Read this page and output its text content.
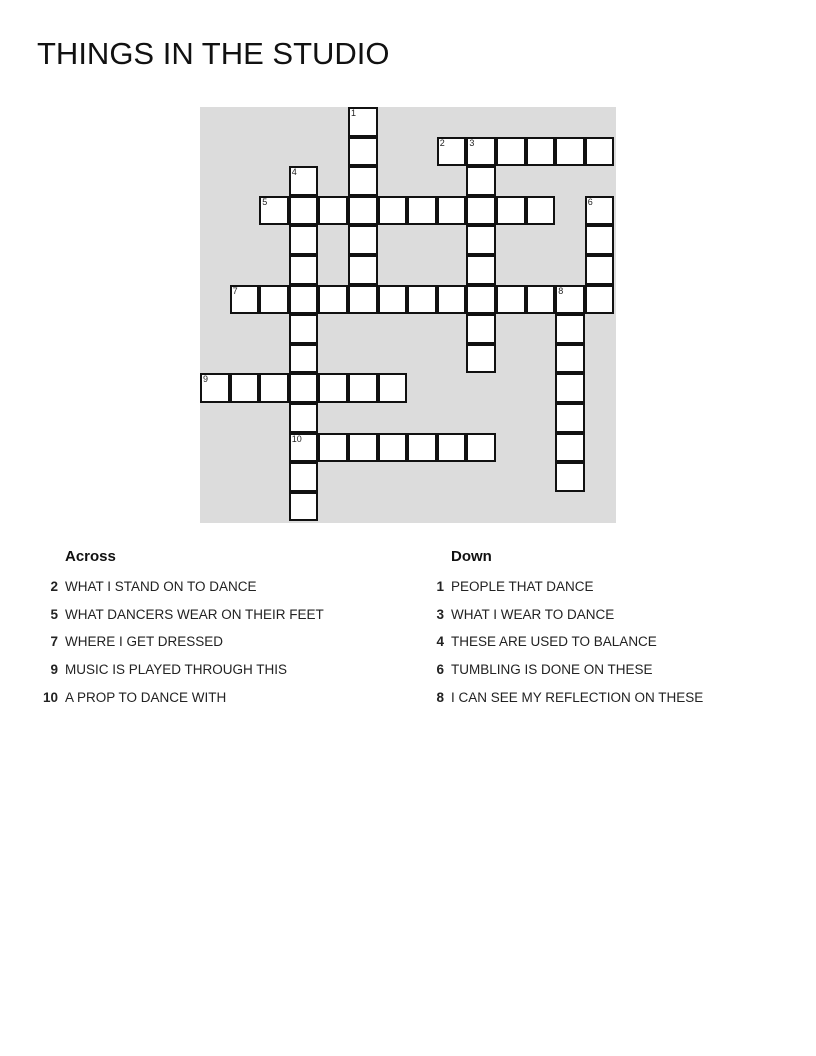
THINGS IN THE STUDIO
1
2	3
4
5	6
7	8
9
10
Across	Down
2 WHAT I STAND ON TO DANCE
5 WHAT DANCERS WEAR ON THEIR FEET
7 WHERE I GET DRESSED
9 MUSIC IS PLAYED THROUGH THIS
10 A PROP TO DANCE WITH
1 PEOPLE THAT DANCE
3 WHAT I WEAR TO DANCE
4 THESE ARE USED TO BALANCE
6 TUMBLING IS DONE ON THESE
8 I CAN SEE MY REFLECTION ON THESE
